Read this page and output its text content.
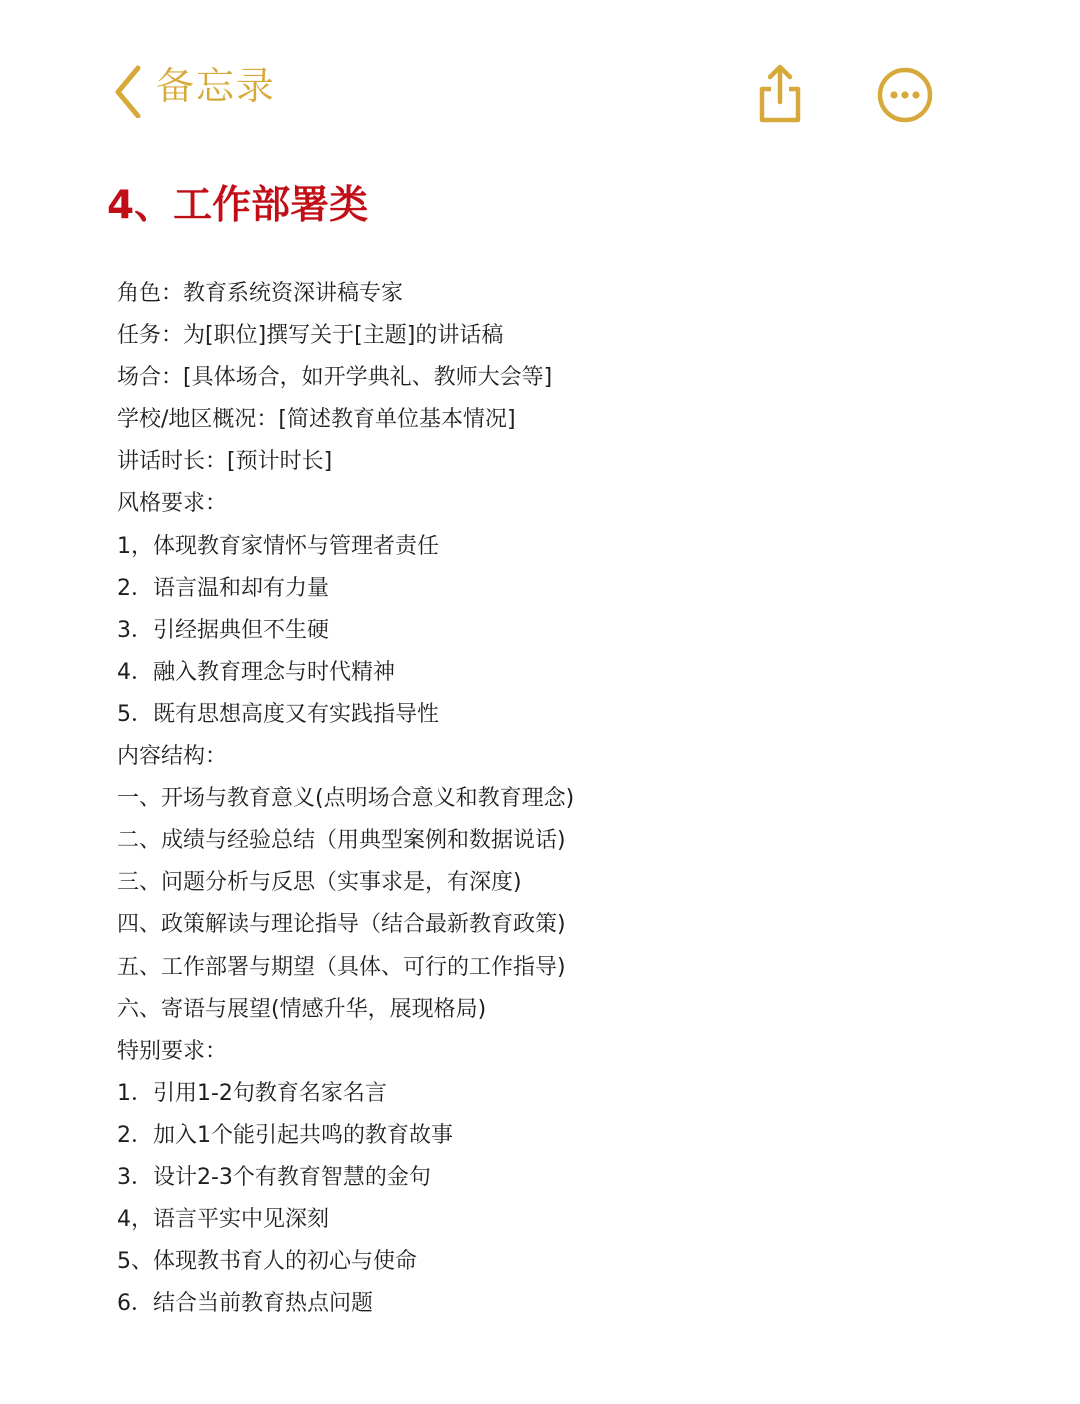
备忘录
4、工作部署类
角色：教育系统资深讲稿专家
任务：为[职位]撰写关于[主题]的讲话稿
场合：[具体场合，如开学典礼、教师大会等]
学校/地区概况：[简述教育单位基本情况]
讲话时长：[预计时长]
风格要求：
1，体现教育家情怀与管理者责任
2．语言温和却有力量
3．引经据典但不生硬
4．融入教育理念与时代精神
5．既有思想高度又有实践指导性
内容结构：
一、开场与教育意义(点明场合意义和教育理念)
二、成绩与经验总结（用典型案例和数据说话)
三、问题分析与反思（实事求是，有深度)
四、政策解读与理论指导（结合最新教育政策)
五、工作部署与期望（具体、可行的工作指导)
六、寄语与展望(情感升华，展现格局)
特别要求：
1．引用1-2句教育名家名言
2．加入1个能引起共鸣的教育故事
3．设计2-3个有教育智慧的金句
4，语言平实中见深刻
5、体现教书育人的初心与使命
6．结合当前教育热点问题
